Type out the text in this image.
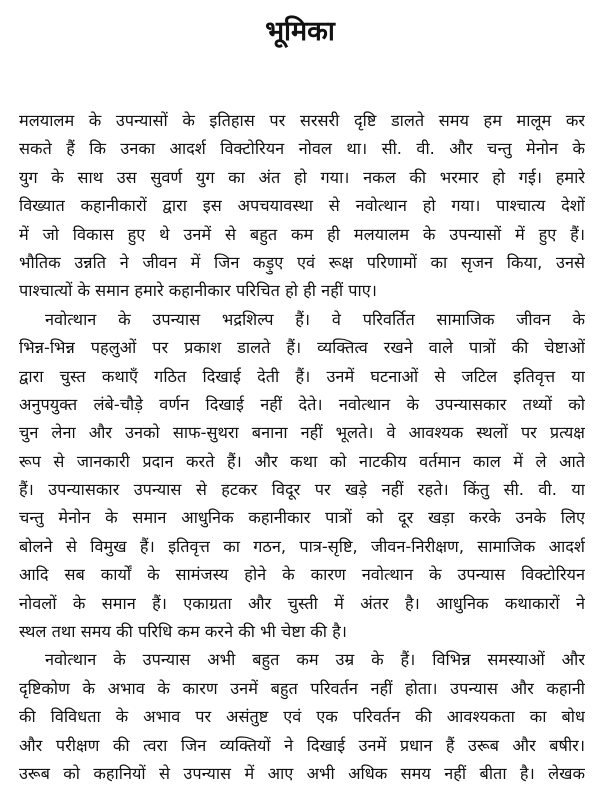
भूमिका
मलयालम के उपन्यासों के इतिहास पर सरसरी दृष्टि डालते समय हम मालूम कर
सकते हैं कि उनका आदर्श विक्टोरियन नोवल था। सी. वी. और चन्तु मेनोन के
युग के साथ उस सुवर्ण युग का अंत हो गया। नकल की भरमार हो गई। हमारे
विख्यात कहानीकारों द्वारा इस अपचयावस्था से नवोत्थान हो गया। पाश्चात्य देशों
में जो विकास हुए थे उनमें से बहुत कम ही मलयालम के उपन्यासों में हुए हैं।
भौतिक उन्नति ने जीवन में जिन कड़ुए एवं रूक्ष परिणामों का सृजन किया, उनसे
पाश्चात्यों के समान हमारे कहानीकार परिचित हो ही नहीं पाए।
नवोत्थान के उपन्यास भद्रशिल्प हैं। वे परिवर्तित सामाजिक जीवन के
भिन्न-भिन्न पहलुओं पर प्रकाश डालते हैं। व्यक्तित्व रखने वाले पात्रों की चेष्टाओं
द्वारा चुस्त कथाएँ गठित दिखाई देती हैं। उनमें घटनाओं से जटिल इतिवृत्त या
अनुपयुक्त लंबे-चौड़े वर्णन दिखाई नहीं देते। नवोत्थान के उपन्यासकार तथ्यों को
चुन लेना और उनको साफ-सुथरा बनाना नहीं भूलते। वे आवश्यक स्थलों पर प्रत्यक्ष
रूप से जानकारी प्रदान करते हैं। और कथा को नाटकीय वर्तमान काल में ले आते
हैं। उपन्यासकार उपन्यास से हटकर विदूर पर खड़े नहीं रहते। किंतु सी. वी. या
चन्तु मेनोन के समान आधुनिक कहानीकार पात्रों को दूर खड़ा करके उनके लिए
बोलने से विमुख हैं। इतिवृत्त का गठन, पात्र-सृष्टि, जीवन-निरीक्षण, सामाजिक आदर्श
आदि सब कार्यों के सामंजस्य होने के कारण नवोत्थान के उपन्यास विक्टोरियन
नोवलों के समान हैं। एकाग्रता और चुस्ती में अंतर है। आधुनिक कथाकारों ने
स्थल तथा समय की परिधि कम करने की भी चेष्टा की है।
नवोत्थान के उपन्यास अभी बहुत कम उम्र के हैं। विभिन्न समस्याओं और
दृष्टिकोण के अभाव के कारण उनमें बहुत परिवर्तन नहीं होता। उपन्यास और कहानी
की विविधता के अभाव पर असंतुष्ट एवं एक परिवर्तन की आवश्यकता का बोध
और परीक्षण की त्वरा जिन व्यक्तियों ने दिखाई उनमें प्रधान हैं उरूब और बषीर।
उरूब को कहानियों से उपन्यास में आए अभी अधिक समय नहीं बीता है। लेखक
